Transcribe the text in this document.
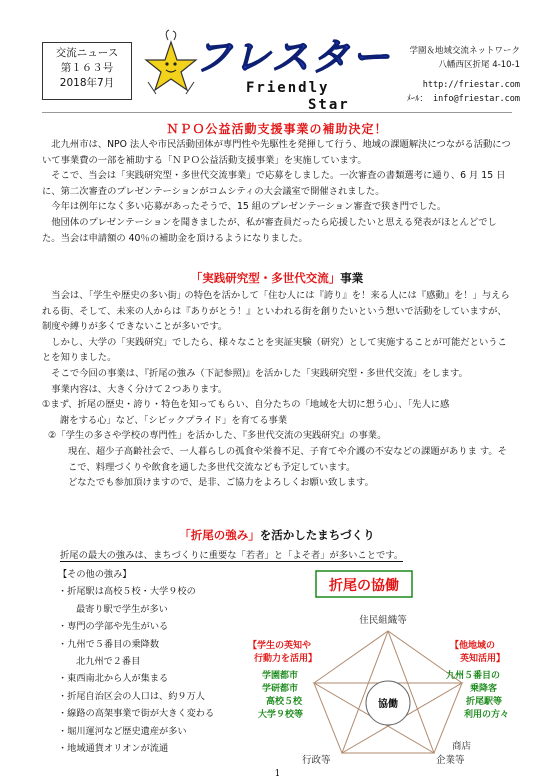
交流ニュース
第１６３号
2018年7月
フレスター
Friendly
Star
学園＆地域交流ネットワーク
八幡西区折尾 4-10-1
http://friestar.com
ﾒｰﾙ： info@friestar.com
ＮＰＯ公益活動支援事業の補助決定！

北九州市は、NPO 法人や市民活動団体が専門性や先駆性を発揮して行う、地域の課題解決につながる活動について事業費の一部を補助する「ＮＰＯ公益活動支援事業」を実施しています。

そこで、当会は「実践研究型・多世代交流事業」で応募をしました。一次審査の書類選考に通り、6 月 15 日に、第二次審査のプレゼンテーションがコムシティの大会議室で開催されました。

今年は例年になく多い応募があったそうで、15 組のプレゼンテーション審査で狭き門でした。

他団体のプレゼンテーションを聞きましたが、私が審査員だったら応援したいと思える発表がほとんどでした。当会は申請額の 40％の補助金を頂けるようになりました。

「実践研究型・多世代交流」事業

当会は、｢学生や歴史の多い街｣ の特色を活かして「住む人には『誇り』を！来る人には『感動』を！」与えられる街、そして、未来の人からは『ありがとう！』といわれる街を創りたいという想いで活動をしていますが、制度や縛りが多くできないことが多いです。

しかし、大学の「実践研究」でしたら、様々なことを実証実験（研究）として実施することが可能だということを知りました。

そこで今回の事業は、『折尾の強み（下記参照)』を活かした「実践研究型・多世代交流」をします。

事業内容は、大きく分けて２つあります。

①まず、折尾の歴史・誇り・特色を知ってもらい、自分たちの「地域を大切に想う心」、「先人に感

謝をする心」など、「シビックプライド」を育てる事業

②「学生の多さや学校の専門性」を活かした、『多世代交流の実践研究』の事業。

現在、超少子高齢社会で、一人暮らしの孤食や栄養不足、子育てや介護の不安などの課題がありま す。そこで、料理づくりや飲食を通した多世代交流なども予定しています。

どなたでも参加頂けますので、是非、ご協力をよろしくお願い致します。

「折尾の強み」を活かしたまちづくり
折尾の最大の強みは、まちづくりに重要な「若者」と「よそ者」が多いことです。

【その他の強み】

・折尾駅は高校５校・大学９校の

最寄り駅で学生が多い

・専門の学部や先生がいる

・九州で５番目の乗降数

北九州で２番目

・東西南北から人が集まる

・折尾自治区会の人口は、約９万人

・線路の高架事業で街が大きく変わる

・堀川運河など歴史遺産が多い

・地域通貨オリオンが流通

折尾の協働
住民組織等
協働
【学生の英知や
行動力を活用】
学園都市
学研都市
高校５校
大学９校等
【他地域の
英知活用】
九州５番目の
乗降客
折尾駅等
利用の方々
行政等
商店
企業等
1
